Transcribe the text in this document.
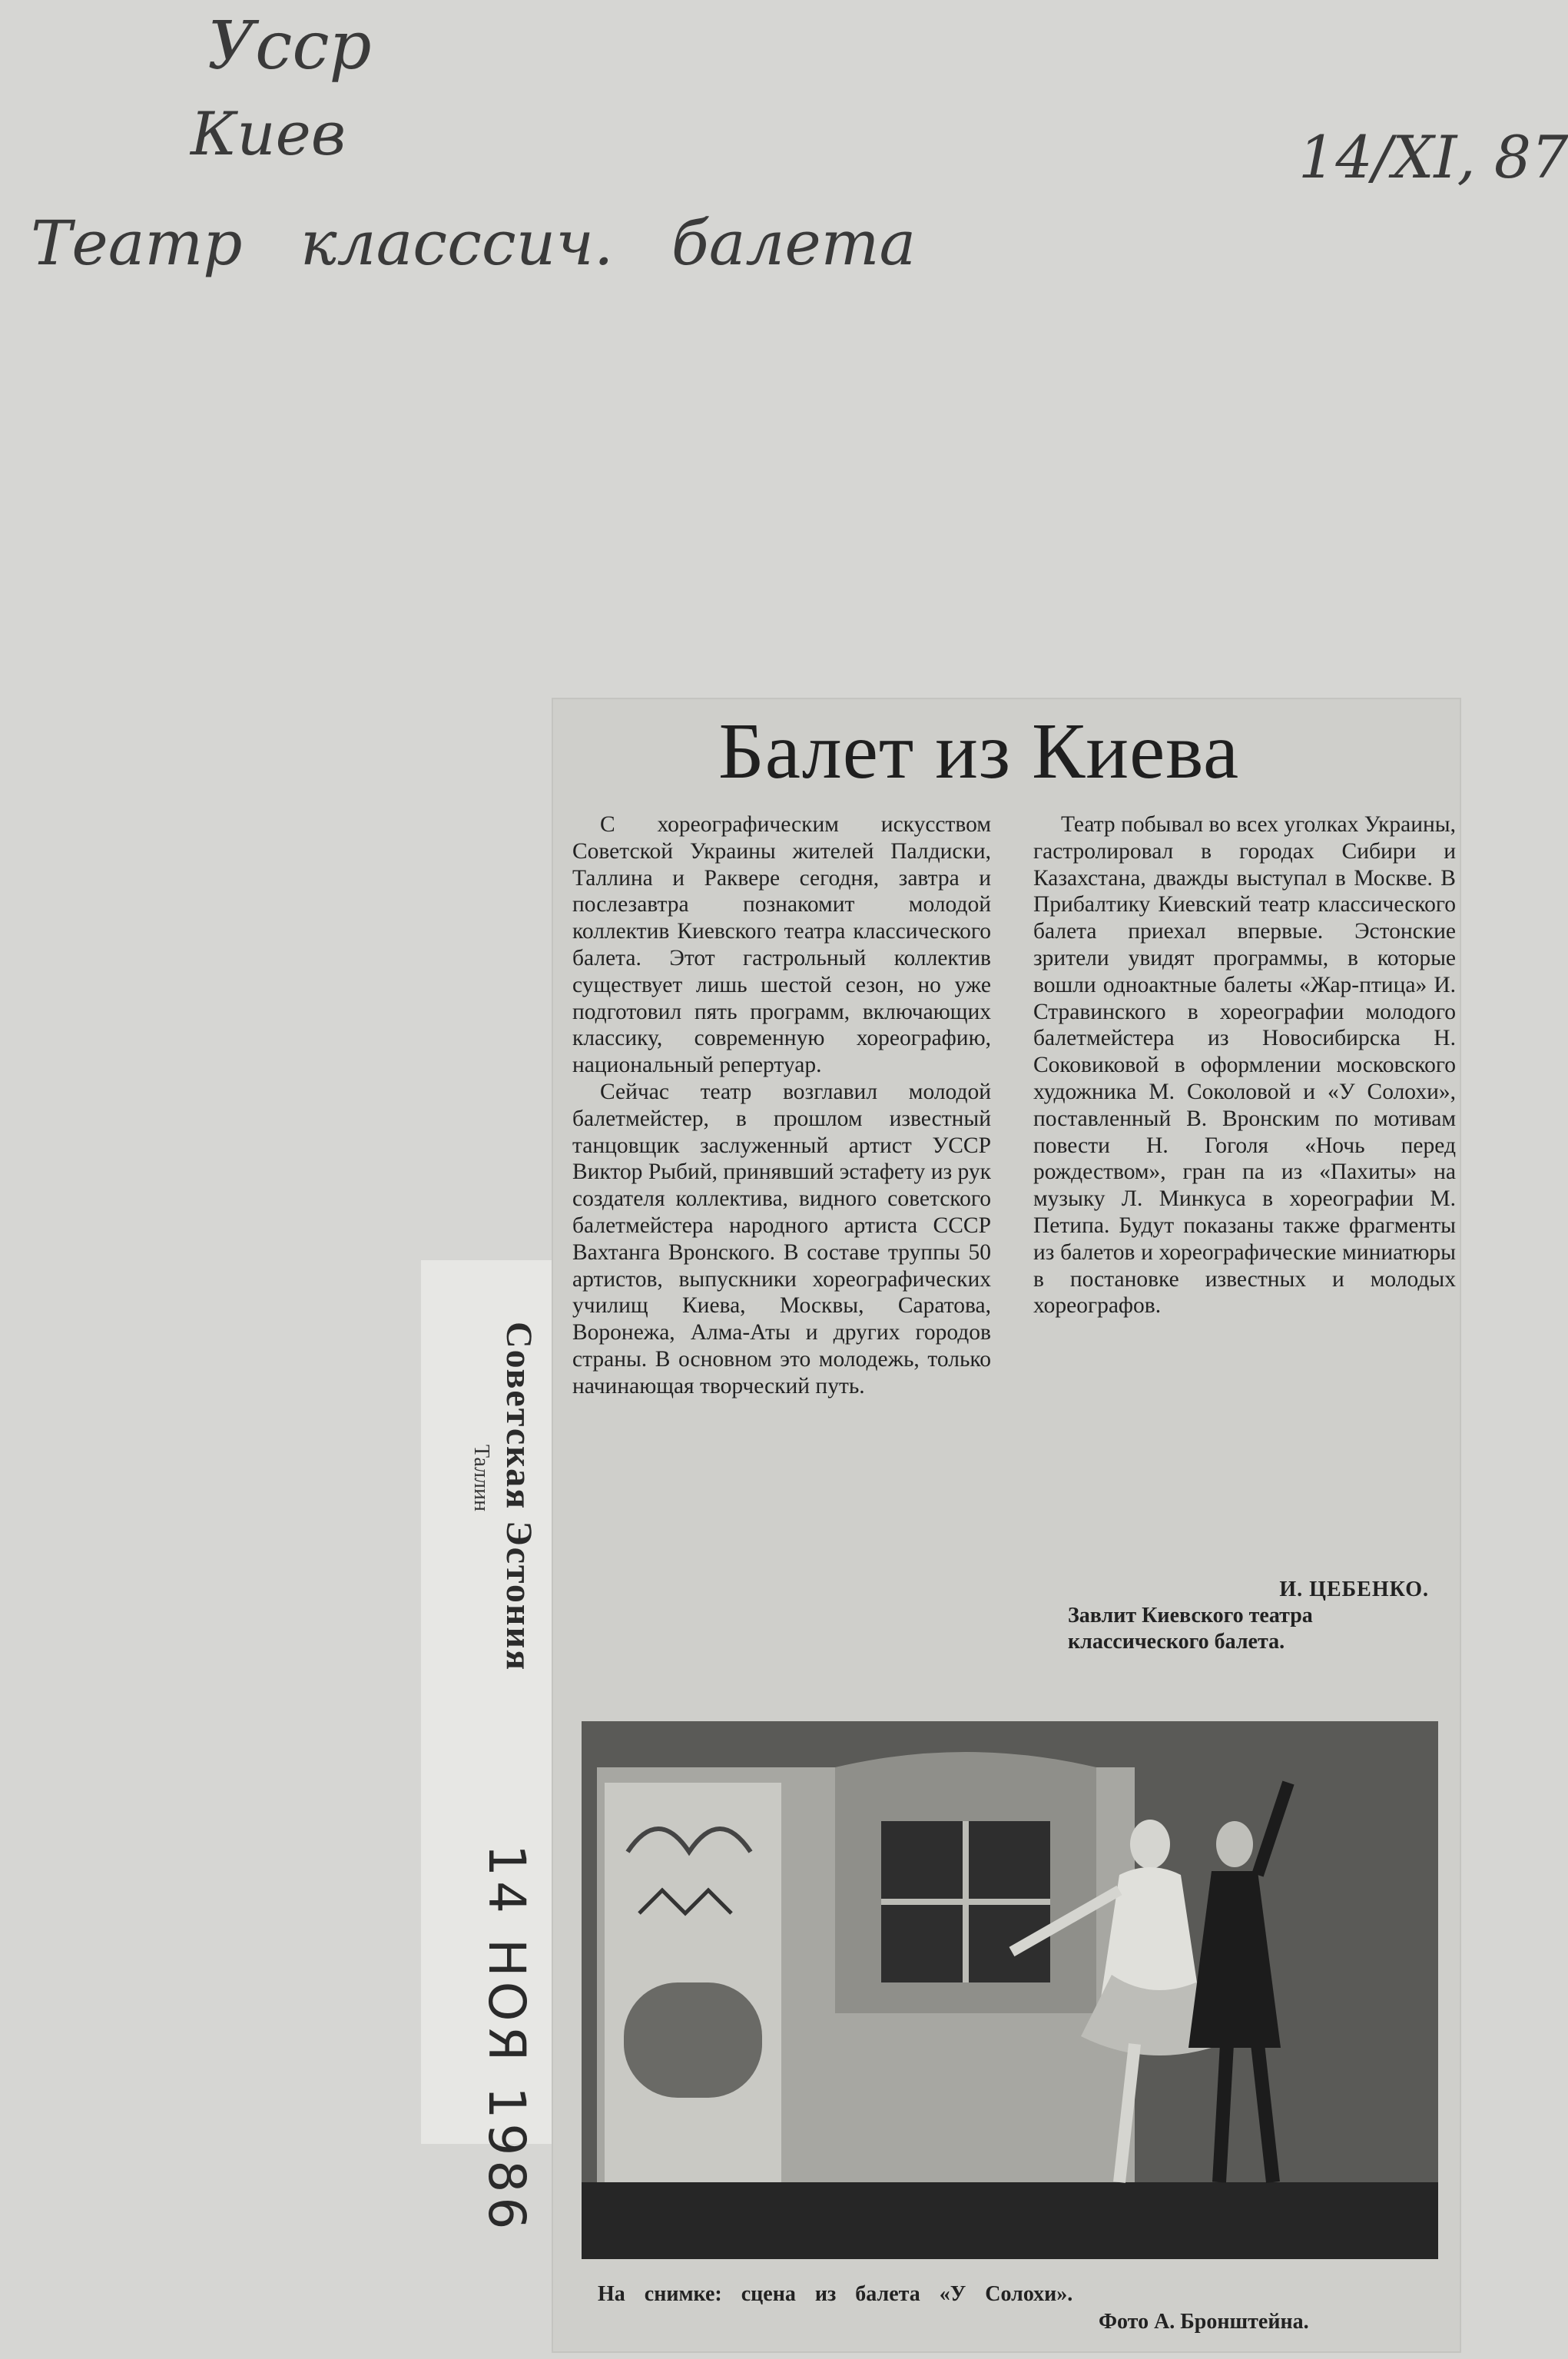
Усср
Киев
Театр класссич. балета
14/XI, 87
Советская Эстония
Таллин
14 НОЯ 1986
Балет из Киева

С хореографическим искусством Советской Украины жителей Палдиски, Таллина и Раквере сегодня, завтра и послезавтра познакомит молодой коллектив Киевского театра классического балета. Этот гастрольный коллектив существует лишь шестой сезон, но уже подготовил пять программ, включающих классику, современную хореографию, национальный репертуар.

Сейчас театр возглавил молодой балетмейстер, в прошлом известный танцовщик заслуженный артист УССР Виктор Рыбий, принявший эстафету из рук создателя коллектива, видного советского балетмейстера народного артиста СССР Вахтанга Вронского. В составе труппы 50 артистов, выпускники хореографических училищ Киева, Москвы, Саратова, Воронежа, Алма-Аты и других городов страны. В основном это молодежь, только начинающая творческий путь.

Театр побывал во всех уголках Украины, гастролировал в городах Сибири и Казахстана, дважды выступал в Москве. В Прибалтику Киевский театр классического балета приехал впервые. Эстонские зрители увидят программы, в которые вошли одноактные балеты «Жар-птица» И. Стравинского в хореографии молодого балетмейстера из Новосибирска Н. Соковиковой в оформлении московского художника М. Соколовой и «У Солохи», поставленный В. Вронским по мотивам повести Н. Гоголя «Ночь перед рождеством», гран па из «Пахиты» на музыку Л. Минкуса в хореографии М. Петипа. Будут показаны также фрагменты из балетов и хореографические миниатюры в постановке известных и молодых хореографов.

И. ЦЕБЕНКО.
Завлит Киевского театра классического балета.
На снимке: сцена из балета «У Солохи».
Фото А. Бронштейна.
